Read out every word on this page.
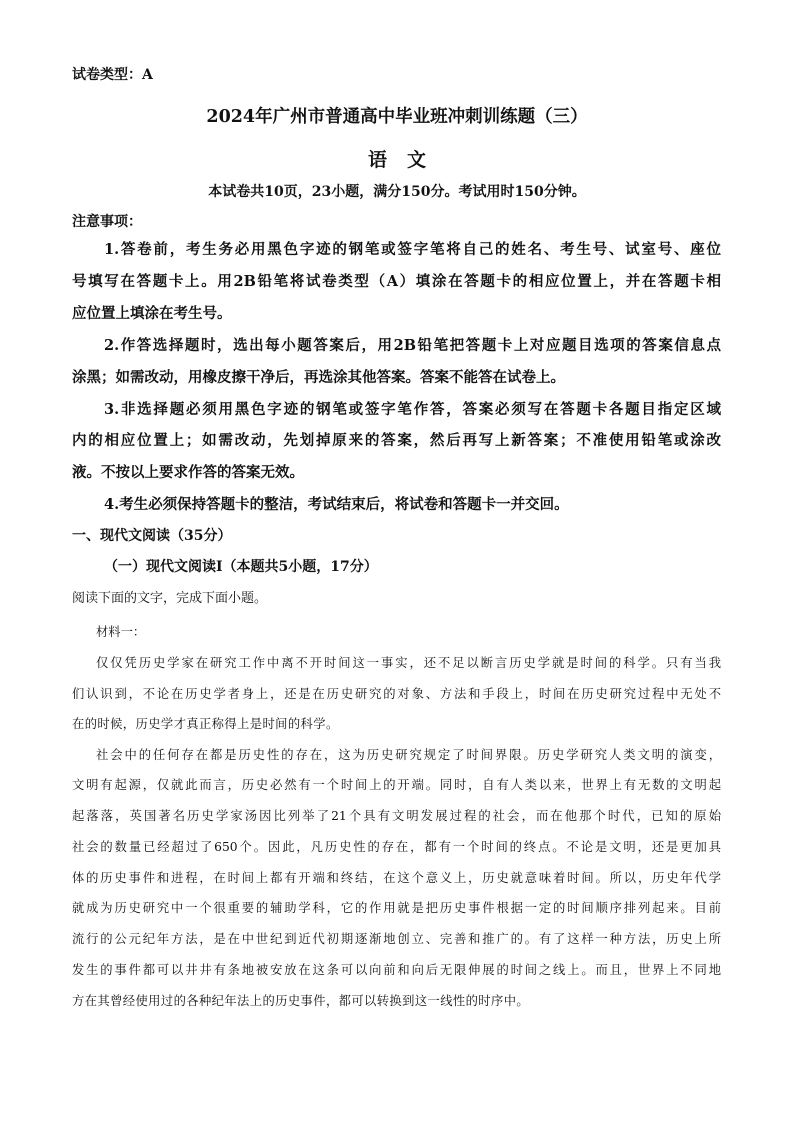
试卷类型：A
2024年广州市普通高中毕业班冲刺训练题（三）
语文
本试卷共10页，23小题，满分150分。考试用时150分钟。
注意事项：
1.答卷前，考生务必用黑色字迹的钢笔或签字笔将自己的姓名、考生号、试室号、座位
号填写在答题卡上。用2B铅笔将试卷类型（A）填涂在答题卡的相应位置上，并在答题卡相
应位置上填涂在考生号。
2.作答选择题时，选出每小题答案后，用2B铅笔把答题卡上对应题目选项的答案信息点
涂黑；如需改动，用橡皮擦干净后，再选涂其他答案。答案不能答在试卷上。
3.非选择题必须用黑色字迹的钢笔或签字笔作答，答案必须写在答题卡各题目指定区域
内的相应位置上；如需改动，先划掉原来的答案，然后再写上新答案；不准使用铅笔或涂改
液。不按以上要求作答的答案无效。
4.考生必须保持答题卡的整洁，考试结束后，将试卷和答题卡一并交回。
一、现代文阅读（35分）
（一）现代文阅读Ⅰ（本题共5小题，17分）
阅读下面的文字，完成下面小题。
材料一：
仅仅凭历史学家在研究工作中离不开时间这一事实，还不足以断言历史学就是时间的科学。只有当我
们认识到，不论在历史学者身上，还是在历史研究的对象、方法和手段上，时间在历史研究过程中无处不
在的时候，历史学才真正称得上是时间的科学。
社会中的任何存在都是历史性的存在，这为历史研究规定了时间界限。历史学研究人类文明的演变，
文明有起源，仅就此而言，历史必然有一个时间上的开端。同时，自有人类以来，世界上有无数的文明起
起落落，英国著名历史学家汤因比列举了21个具有文明发展过程的社会，而在他那个时代，已知的原始
社会的数量已经超过了650个。因此，凡历史性的存在，都有一个时间的终点。不论是文明，还是更加具
体的历史事件和进程，在时间上都有开端和终结，在这个意义上，历史就意味着时间。所以，历史年代学
就成为历史研究中一个很重要的辅助学科，它的作用就是把历史事件根据一定的时间顺序排列起来。目前
流行的公元纪年方法，是在中世纪到近代初期逐渐地创立、完善和推广的。有了这样一种方法，历史上所
发生的事件都可以井井有条地被安放在这条可以向前和向后无限伸展的时间之线上。而且，世界上不同地
方在其曾经使用过的各种纪年法上的历史事件，都可以转换到这一线性的时序中。
